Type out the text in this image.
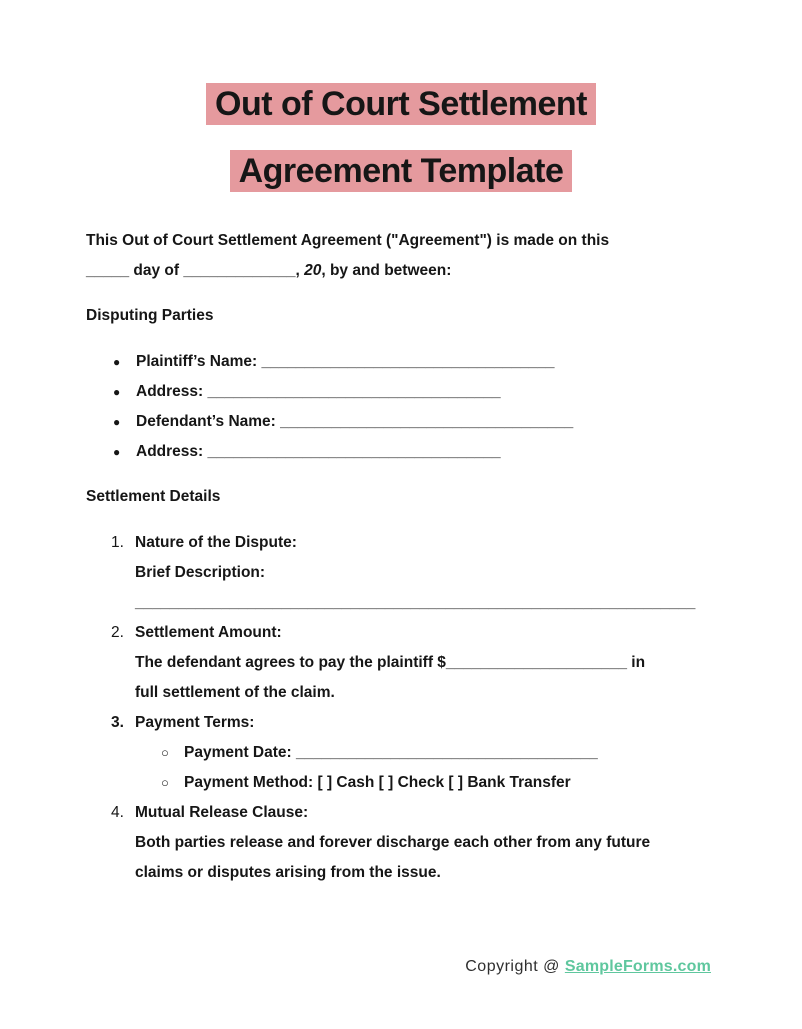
Out of Court Settlement
Agreement Template
This Out of Court Settlement Agreement ("Agreement") is made on this
_____ day of _____________, 20, by and between:
Disputing Parties
●	Plaintiff’s Name: __________________________________
●	Address: __________________________________
●	Defendant’s Name: __________________________________
●	Address: __________________________________
Settlement Details
1. Nature of the Dispute:
Brief Description:
_________________________________________________________________
2. Settlement Amount:
The defendant agrees to pay the plaintiff $_____________________ in
full settlement of the claim.
3. Payment Terms:
○ Payment Date: ___________________________________
○ Payment Method: [ ] Cash [ ] Check [ ] Bank Transfer
4. Mutual Release Clause:
Both parties release and forever discharge each other from any future
claims or disputes arising from the issue.
Copyright @ SampleForms.com
